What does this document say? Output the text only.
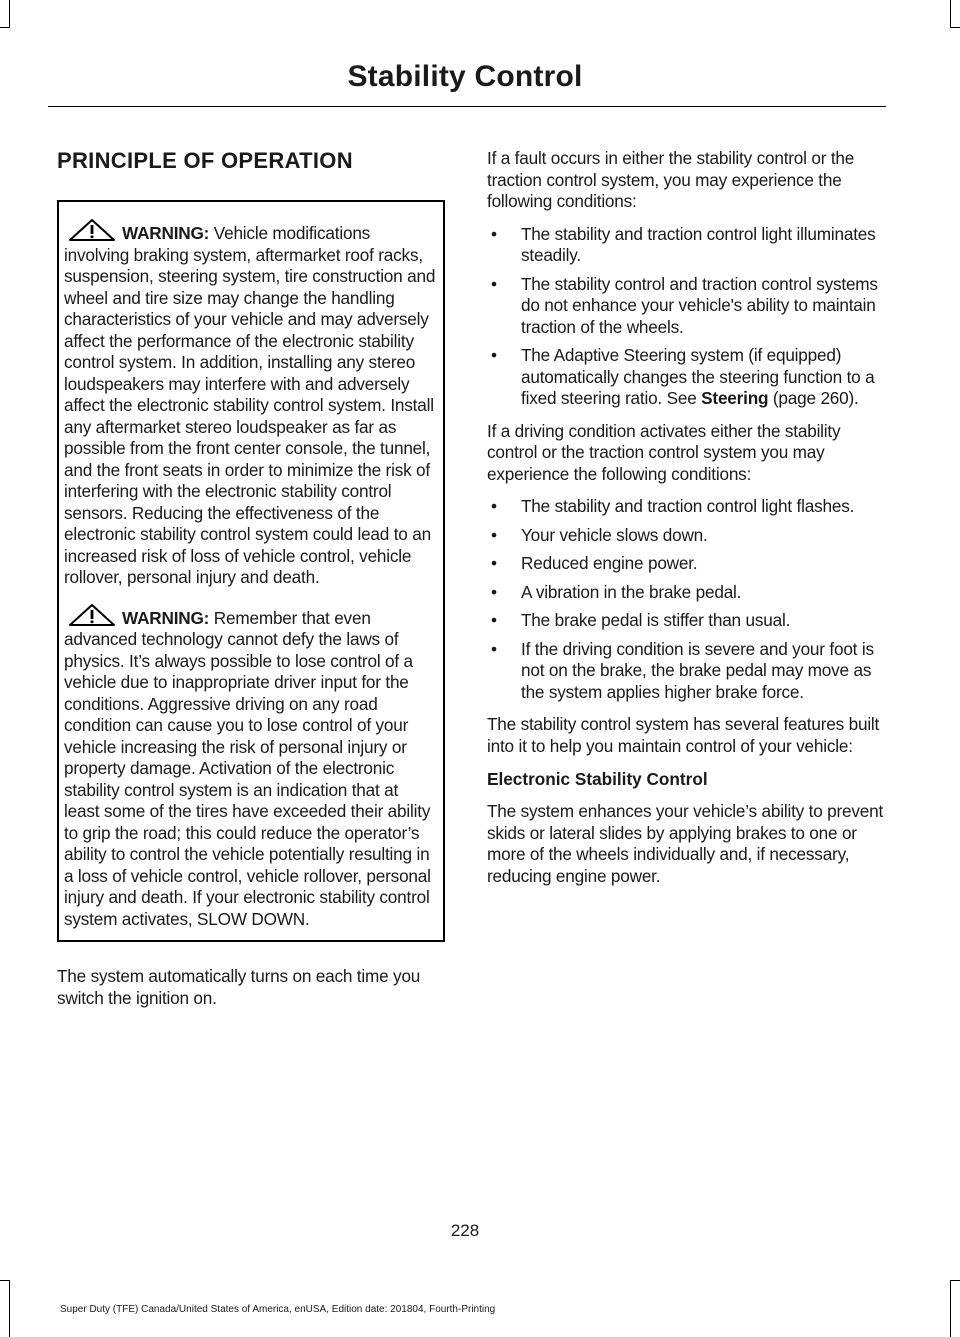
Stability Control
PRINCIPLE OF OPERATION

WARNING: Vehicle modifications involving braking system, aftermarket roof racks, suspension, steering system, tire construction and wheel and tire size may change the handling characteristics of your vehicle and may adversely affect the performance of the electronic stability control system. In addition, installing any stereo loudspeakers may interfere with and adversely affect the electronic stability control system. Install any aftermarket stereo loudspeaker as far as possible from the front center console, the tunnel, and the front seats in order to minimize the risk of interfering with the electronic stability control sensors. Reducing the effectiveness of the electronic stability control system could lead to an increased risk of loss of vehicle control, vehicle rollover, personal injury and death.

WARNING: Remember that even advanced technology cannot defy the laws of physics. It’s always possible to lose control of a vehicle due to inappropriate driver input for the conditions. Aggressive driving on any road condition can cause you to lose control of your vehicle increasing the risk of personal injury or property damage. Activation of the electronic stability control system is an indication that at least some of the tires have exceeded their ability to grip the road; this could reduce the operator’s ability to control the vehicle potentially resulting in a loss of vehicle control, vehicle rollover, personal injury and death. If your electronic stability control system activates, SLOW DOWN.

The system automatically turns on each time you switch the ignition on.

If a fault occurs in either the stability control or the traction control system, you may experience the following conditions:

• The stability and traction control light illuminates steadily.
• The stability control and traction control systems do not enhance your vehicle's ability to maintain traction of the wheels.
• The Adaptive Steering system (if equipped) automatically changes the steering function to a fixed steering ratio. See Steering (page 260).

If a driving condition activates either the stability control or the traction control system you may experience the following conditions:

• The stability and traction control light flashes.
• Your vehicle slows down.
• Reduced engine power.
• A vibration in the brake pedal.
• The brake pedal is stiffer than usual.
• If the driving condition is severe and your foot is not on the brake, the brake pedal may move as the system applies higher brake force.

The stability control system has several features built into it to help you maintain control of your vehicle:

Electronic Stability Control

The system enhances your vehicle’s ability to prevent skids or lateral slides by applying brakes to one or more of the wheels individually and, if necessary, reducing engine power.

228
Super Duty (TFE) Canada/United States of America, enUSA, Edition date: 201804, Fourth-Printing
